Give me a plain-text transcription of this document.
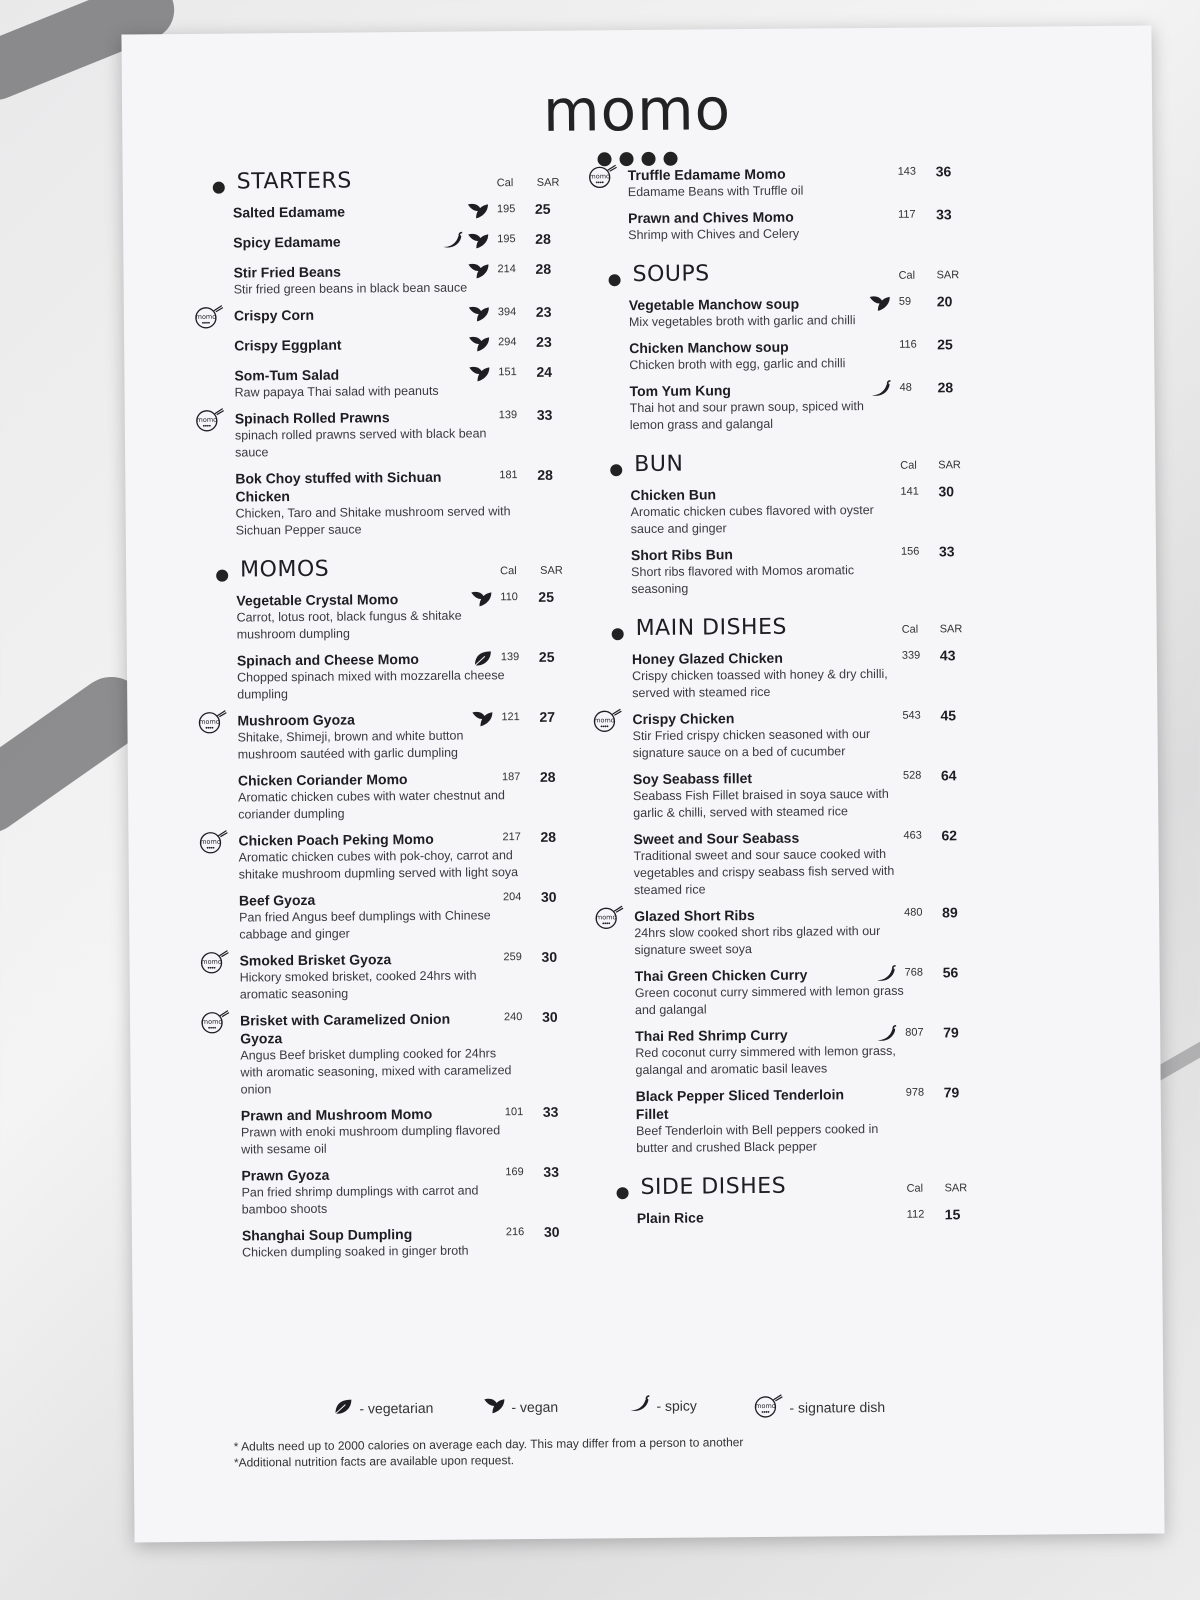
momo
STARTERS	Cal SAR
Salted Edamame	195 25
Spicy Edamame	195 28
Stir Fried Beans
Stir fried green beans in black bean sauce
214 28
momo Crispy Corn	394 23
Crispy Eggplant	294 23
Som-Tum Salad
Raw papaya Thai salad with peanuts
151 24
momo Spinach Rolled Prawns
spinach rolled prawns served with black bean sauce
139 33
Bok Choy stuffed with Sichuan Chicken
Chicken, Taro and Shitake mushroom served with Sichuan Pepper sauce
181 28
MOMOS	Cal SAR
Vegetable Crystal Momo
Carrot, lotus root, black fungus & shitake mushroom dumpling
110 25
Spinach and Cheese Momo
Chopped spinach mixed with mozzarella cheese dumpling
139 25
momo Mushroom Gyoza
Shitake, Shimeji, brown and white button mushroom sautéed with garlic dumpling
121 27
Chicken Coriander Momo
Aromatic chicken cubes with water chestnut and coriander dumpling
187 28
momo Chicken Poach Peking Momo
Aromatic chicken cubes with pok-choy, carrot and shitake mushroom dupmling served with light soya
217 28
Beef Gyoza
Pan fried Angus beef dumplings with Chinese cabbage and ginger
204 30
momo Smoked Brisket Gyoza
Hickory smoked brisket, cooked 24hrs with aromatic seasoning
259 30
momo Brisket with Caramelized Onion Gyoza
Angus Beef brisket dumpling cooked for 24hrs with aromatic seasoning, mixed with caramelized onion
240 30
Prawn and Mushroom Momo
Prawn with enoki mushroom dumpling flavored with sesame oil
101 33
Prawn Gyoza
Pan fried shrimp dumplings with carrot and bamboo shoots
169 33
Shanghai Soup Dumpling
Chicken dumpling soaked in ginger broth
216 30
momo Truffle Edamame Momo
Edamame Beans with Truffle oil
143 36
Prawn and Chives Momo
Shrimp with Chives and Celery
117 33
SOUPS	Cal SAR
Vegetable Manchow soup
Mix vegetables broth with garlic and chilli
59 20
Chicken Manchow soup
Chicken broth with egg, garlic and chilli
116 25
Tom Yum Kung
Thai hot and sour prawn soup, spiced with lemon grass and galangal
48 28
BUN	Cal SAR
Chicken Bun
Aromatic chicken cubes flavored with oyster sauce and ginger
141 30
Short Ribs Bun
Short ribs flavored with Momos aromatic seasoning
156 33
MAIN DISHES	Cal SAR
Honey Glazed Chicken
Crispy chicken toassed with honey & dry chilli, served with steamed rice
339 43
momo Crispy Chicken
Stir Fried crispy chicken seasoned with our signature sauce on a bed of cucumber
543 45
Soy Seabass fillet
Seabass Fish Fillet braised in soya sauce with garlic & chilli, served with steamed rice
528 64
Sweet and Sour Seabass
Traditional sweet and sour sauce cooked with vegetables and crispy seabass fish served with steamed rice
463 62
momo Glazed Short Ribs
24hrs slow cooked short ribs glazed with our signature sweet soya
480 89
Thai Green Chicken Curry
Green coconut curry simmered with lemon grass and galangal
768 56
Thai Red Shrimp Curry
Red coconut curry simmered with lemon grass, galangal and aromatic basil leaves
807 79
Black Pepper Sliced Tenderloin Fillet
Beef Tenderloin with Bell peppers cooked in butter and crushed Black pepper
978 79
SIDE DISHES	Cal SAR
Plain Rice	112 15
- vegetarian	- vegan	- spicy	momo - signature dish
* Adults need up to 2000 calories on average each day. This may differ from a person to another
*Additional nutrition facts are available upon request.
